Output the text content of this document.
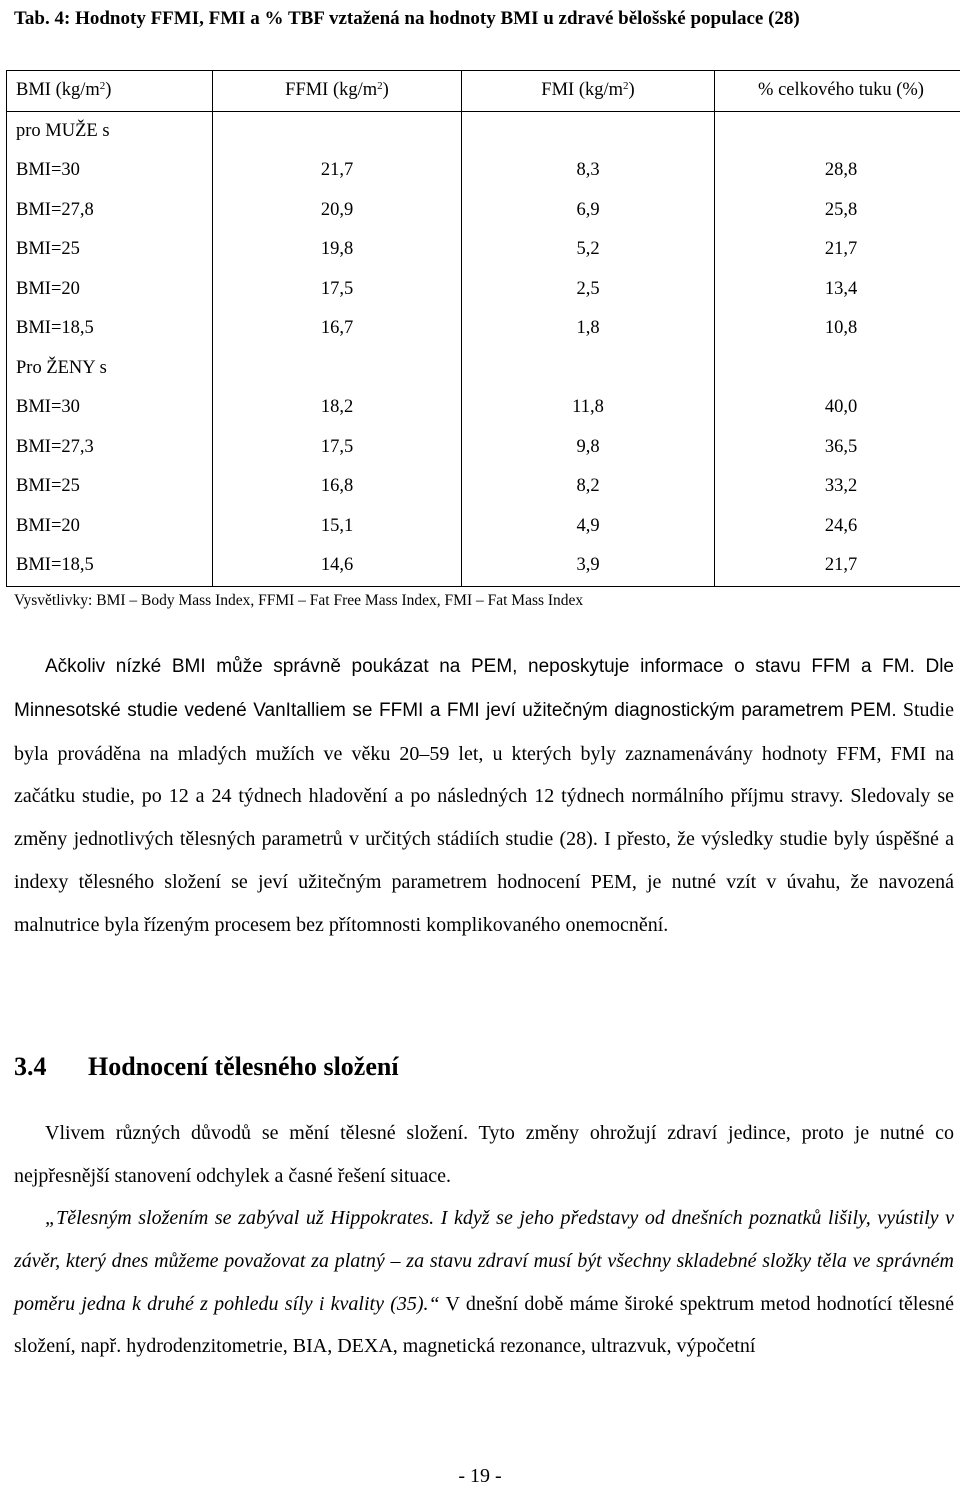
Tab. 4: Hodnoty FFMI, FMI a % TBF vztažená na hodnoty BMI u zdravé bělošské populace (28)
BMI $(kg/m^2)$	FFMI $(kg/m^2)$	FMI $(kg/m^2)$	% celkového tuku (%)
pro MUŽE s			
BMI=30	21,7	8,3	28,8
BMI=27,8	20,9	6,9	25,8
BMI=25	19,8	5,2	21,7
BMI=20	17,5	2,5	13,4
BMI=18,5	16,7	1,8	10,8
Pro ŽENY s			
BMI=30	18,2	11,8	40,0
BMI=27,3	17,5	9,8	36,5
BMI=25	16,8	8,2	33,2
BMI=20	15,1	4,9	24,6
BMI=18,5	14,6	3,9	21,7
Vysvětlivky: BMI – Body Mass Index, FFMI – Fat Free Mass Index, FMI – Fat Mass Index

Ačkoliv nízké BMI může správně poukázat na PEM, neposkytuje informace o stavu FFM a FM. Dle Minnesotské studie vedené VanItalliem se FFMI a FMI jeví užitečným diagnostickým parametrem PEM. Studie byla prováděna na mladých mužích ve věku 20–59 let, u kterých byly zaznamenávány hodnoty FFM, FMI na začátku studie, po 12 a 24 týdnech hladovění a po následných 12 týdnech normálního příjmu stravy. Sledovaly se změny jednotlivých tělesných parametrů v určitých stádiích studie (28). I přesto, že výsledky studie byly úspěšné a indexy tělesného složení se jeví užitečným parametrem hodnocení PEM, je nutné vzít v úvahu, že navozená malnutrice byla řízeným procesem bez přítomnosti komplikovaného onemocnění.

3.4 Hodnocení tělesného složení

Vlivem různých důvodů se mění tělesné složení. Tyto změny ohrožují zdraví jedince, proto je nutné co nejpřesnější stanovení odchylek a časné řešení situace.

„Tělesným složením se zabýval už Hippokrates. I když se jeho představy od dnešních poznatků lišily, vyústily v závěr, který dnes můžeme považovat za platný – za stavu zdraví musí být všechny skladebné složky těla ve správném poměru jedna k druhé z pohledu síly i kvality (35).“ V dnešní době máme široké spektrum metod hodnotící tělesné složení, např. hydrodenzitometrie, BIA, DEXA, magnetická rezonance, ultrazvuk, výpočetní

- 19 -
